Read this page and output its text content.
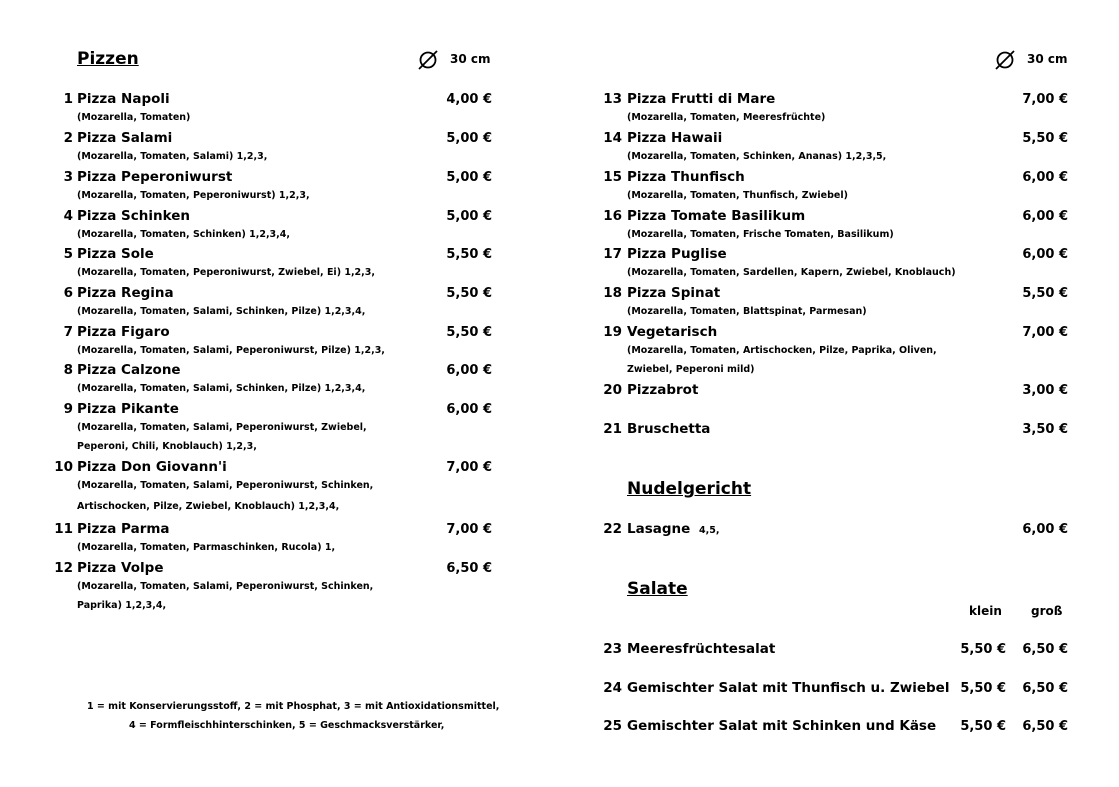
Pizzen	30 cm	30 cm
1 Pizza Napoli	4,00 €
(Mozarella, Tomaten)
2 Pizza Salami	5,00 €
(Mozarella, Tomaten, Salami) 1,2,3,
3 Pizza Peperoniwurst	5,00 €
(Mozarella, Tomaten, Peperoniwurst) 1,2,3,
4 Pizza Schinken	5,00 €
(Mozarella, Tomaten, Schinken) 1,2,3,4,
5 Pizza Sole	5,50 €
(Mozarella, Tomaten, Peperoniwurst, Zwiebel, Ei) 1,2,3,
6 Pizza Regina	5,50 €
(Mozarella, Tomaten, Salami, Schinken, Pilze) 1,2,3,4,
7 Pizza Figaro	5,50 €
(Mozarella, Tomaten, Salami, Peperoniwurst, Pilze) 1,2,3,
8 Pizza Calzone	6,00 €
(Mozarella, Tomaten, Salami, Schinken, Pilze) 1,2,3,4,
9 Pizza Pikante	6,00 €
(Mozarella, Tomaten, Salami, Peperoniwurst, Zwiebel,
Peperoni, Chili, Knoblauch) 1,2,3,
10 Pizza Don Giovann'i	7,00 €
(Mozarella, Tomaten, Salami, Peperoniwurst, Schinken,
Artischocken, Pilze, Zwiebel, Knoblauch) 1,2,3,4,
11 Pizza Parma	7,00 €
(Mozarella, Tomaten, Parmaschinken, Rucola) 1,
12 Pizza Volpe	6,50 €
(Mozarella, Tomaten, Salami, Peperoniwurst, Schinken,
Paprika) 1,2,3,4,
13 Pizza Frutti di Mare	7,00 €
(Mozarella, Tomaten, Meeresfrüchte)
14 Pizza Hawaii	5,50 €
(Mozarella, Tomaten, Schinken, Ananas) 1,2,3,5,
15 Pizza Thunfisch	6,00 €
(Mozarella, Tomaten, Thunfisch, Zwiebel)
16 Pizza Tomate Basilikum	6,00 €
(Mozarella, Tomaten, Frische Tomaten, Basilikum)
17 Pizza Puglise	6,00 €
(Mozarella, Tomaten, Sardellen, Kapern, Zwiebel, Knoblauch)
18 Pizza Spinat	5,50 €
(Mozarella, Tomaten, Blattspinat, Parmesan)
19 Vegetarisch	7,00 €
(Mozarella, Tomaten, Artischocken, Pilze, Paprika, Oliven,
Zwiebel, Peperoni mild)
20 Pizzabrot	3,00 €
21 Bruschetta	3,50 €
Nudelgericht
22 Lasagne 4,5,	6,00 €
Salate
klein groß
23 Meeresfrüchtesalat	5,50 €	6,50 €
24 Gemischter Salat mit Thunfisch u. Zwiebel 5,50 €	6,50 €
25 Gemischter Salat mit Schinken und Käse	5,50 €	6,50 €
1 = mit Konservierungsstoff, 2 = mit Phosphat, 3 = mit Antioxidationsmittel,
4 = Formfleischhinterschinken, 5 = Geschmacksverstärker,
